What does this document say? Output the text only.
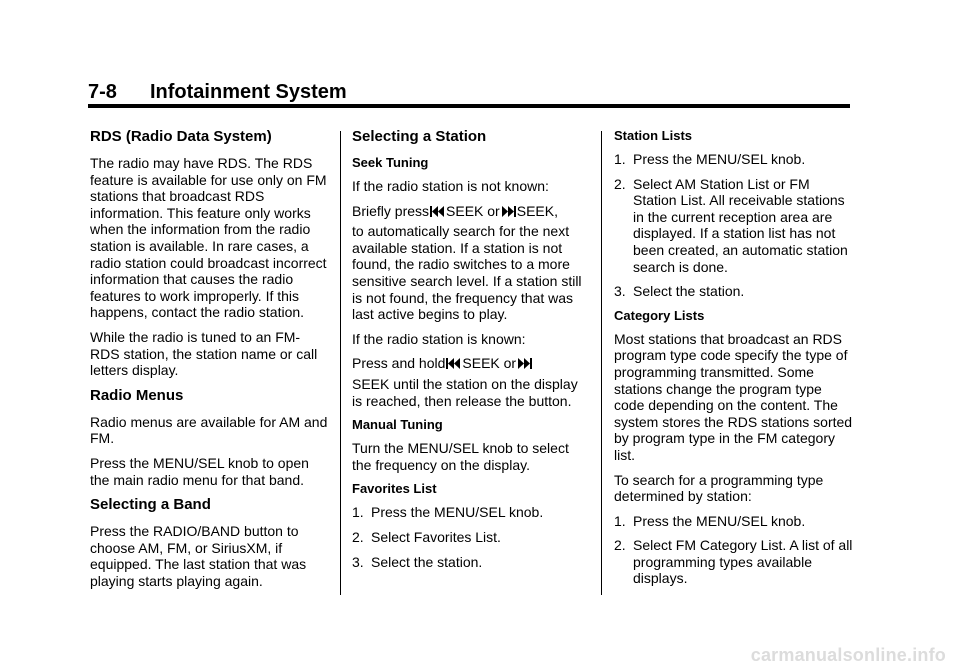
7-8 Infotainment System
RDS (Radio Data System)

The radio may have RDS. The RDS feature is available for use only on FM stations that broadcast RDS information. This feature only works when the information from the radio station is available. In rare cases, a radio station could broadcast incorrect information that causes the radio features to work improperly. If this happens, contact the radio station.

While the radio is tuned to an FM-RDS station, the station name or call letters display.

Radio Menus

Radio menus are available for AM and FM.

Press the MENU/SEL knob to open the main radio menu for that band.

Selecting a Band

Press the RADIO/BAND button to choose AM, FM, or SiriusXM, if equipped. The last station that was playing starts playing again.

Selecting a Station
Seek Tuning

If the radio station is not known:

Briefly press SEEK or SEEK,

to automatically search for the next available station. If a station is not found, the radio switches to a more sensitive search level. If a station still is not found, the frequency that was last active begins to play.

If the radio station is known:

Press and hold SEEK or

SEEK until the station on the display is reached, then release the button.

Manual Tuning

Turn the MENU/SEL knob to select the frequency on the display.

Favorites List
1. Press the MENU/SEL knob.
2. Select Favorites List.
3. Select the station.
Station Lists
1. Press the MENU/SEL knob.
2. Select AM Station List or FM Station List. All receivable stations in the current reception area are displayed. If a station list has not been created, an automatic station search is done.
3. Select the station.
Category Lists

Most stations that broadcast an RDS program type code specify the type of programming transmitted. Some stations change the program type code depending on the content. The system stores the RDS stations sorted by program type in the FM category list.

To search for a programming type determined by station:

1. Press the MENU/SEL knob.
2. Select FM Category List. A list of all programming types available displays.
carmanualsonline.info
